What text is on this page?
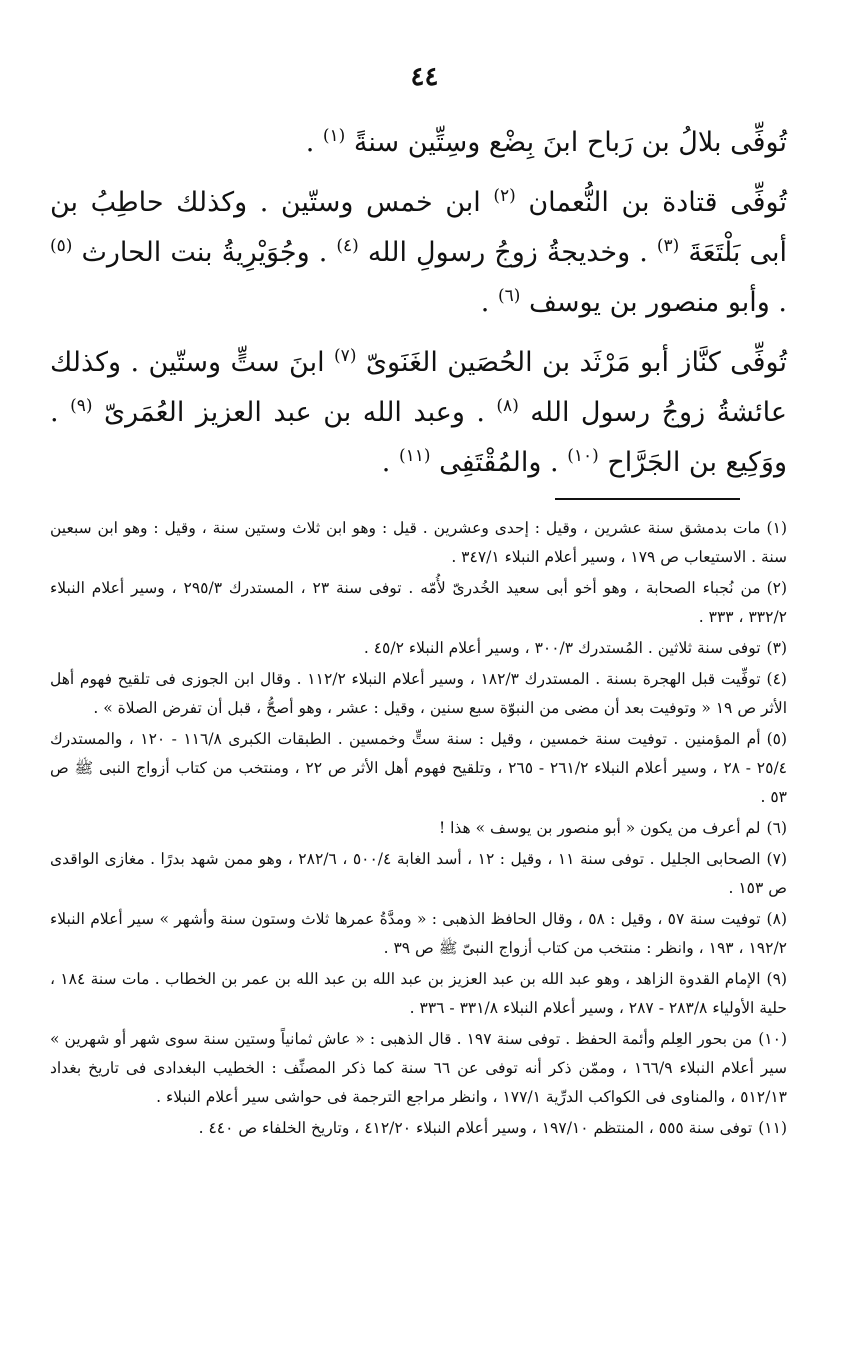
٤٤

تُوفِّى بلالُ بن رَباح ابنَ بِضْع وسِتِّين سنةً $^{(١)}$ .

تُوفِّى قتادة بن النُّعمان $^{(٢)}$ ابن خمس وستّين . وكذلك حاطِبُ بن أبى بَلْتَعَةَ $^{(٣)}$ . وخديجةُ زوجُ رسولِ الله $^{(٤)}$ . وجُوَيْرِيةُ بنت الحارث $^{(٥)}$ . وأبو منصور بن يوسف $^{(٦)}$ .

تُوفِّى كنَّاز أبو مَرْثَد بن الحُصَين الغَنَوىّ $^{(٧)}$ ابنَ ستٍّ وستّين . وكذلك عائشةُ زوجُ رسول الله $^{(٨)}$ . وعبد الله بن عبد العزيز العُمَرىّ $^{(٩)}$ . ووَكِيع بن الجَرَّاح $^{(١٠)}$ . والمُقْتَفِى $^{(١١)}$ .

(١)مات بدمشق سنة عشرين ، وقيل : إحدى وعشرين . قيل : وهو ابن ثلاث وستين سنة ، وقيل : وهو ابن سبعين سنة . الاستيعاب ص ١٧٩ ، وسير أعلام النبلاء ٣٤٧/١ .

(٢)من نُجباء الصحابة ، وهو أخو أبى سعيد الخُدرىّ لأُمّه . توفى سنة ٢٣ ، المستدرك ٢٩٥/٣ ، وسير أعلام النبلاء ٣٣٢/٢ ، ٣٣٣ .

(٣)توفى سنة ثلاثين . المُستدرك ٣٠٠/٣ ، وسير أعلام النبلاء ٤٥/٢ .

(٤)توفِّيت قبل الهجرة بسنة . المستدرك ١٨٢/٣ ، وسير أعلام النبلاء ١١٢/٢ . وقال ابن الجوزى فى تلقيح فهوم أهل الأثر ص ١٩ « وتوفيت بعد أن مضى من النبوّة سبع سنين ، وقيل : عشر ، وهو أصحُّ ، قبل أن تفرض الصلاة » .

(٥)أم المؤمنين . توفيت سنة خمسين ، وقيل : سنة ستٍّ وخمسين . الطبقات الكبرى ١١٦/٨ - ١٢٠ ، والمستدرك ٢٥/٤ - ٢٨ ، وسير أعلام النبلاء ٢٦١/٢ - ٢٦٥ ، وتلقيح فهوم أهل الأثر ص ٢٢ ، ومنتخب من كتاب أزواج النبى ﷺ ص ٥٣ .

(٦)لم أعرف من يكون « أبو منصور بن يوسف » هذا !

(٧)الصحابى الجليل . توفى سنة ١١ ، وقيل : ١٢ ، أسد الغابة ٥٠٠/٤ ، ٢٨٢/٦ ، وهو ممن شهد بدرًا . مغازى الواقدى ص ١٥٣ .

(٨)توفيت سنة ٥٧ ، وقيل : ٥٨ ، وقال الحافظ الذهبى : « ومدَّةُ عمرها ثلاث وستون سنة وأشهر » سير أعلام النبلاء ١٩٢/٢ ، ١٩٣ ، وانظر : منتخب من كتاب أزواج النبىّ ﷺ ص ٣٩ .

(٩)الإمام القدوة الزاهد ، وهو عبد الله بن عبد العزيز بن عبد الله بن عبد الله بن عمر بن الخطاب . مات سنة ١٨٤ ، حلية الأولياء ٢٨٣/٨ - ٢٨٧ ، وسير أعلام النبلاء ٣٣١/٨ - ٣٣٦ .

(١٠)من بحور العِلم وأئمة الحفظ . توفى سنة ١٩٧ . قال الذهبى : « عاش ثمانياً وستين سنة سوى شهر أو شهرين » سير أعلام النبلاء ١٦٦/٩ ، وممّن ذكر أنه توفى عن ٦٦ سنة كما ذكر المصنِّف : الخطيب البغدادى فى تاريخ بغداد ٥١٢/١٣ ، والمناوى فى الكواكب الدرِّية ١٧٧/١ ، وانظر مراجع الترجمة فى حواشى سير أعلام النبلاء .

(١١)توفى سنة ٥٥٥ ، المنتظم ١٩٧/١٠ ، وسير أعلام النبلاء ٤١٢/٢٠ ، وتاريخ الخلفاء ص ٤٤٠ .
